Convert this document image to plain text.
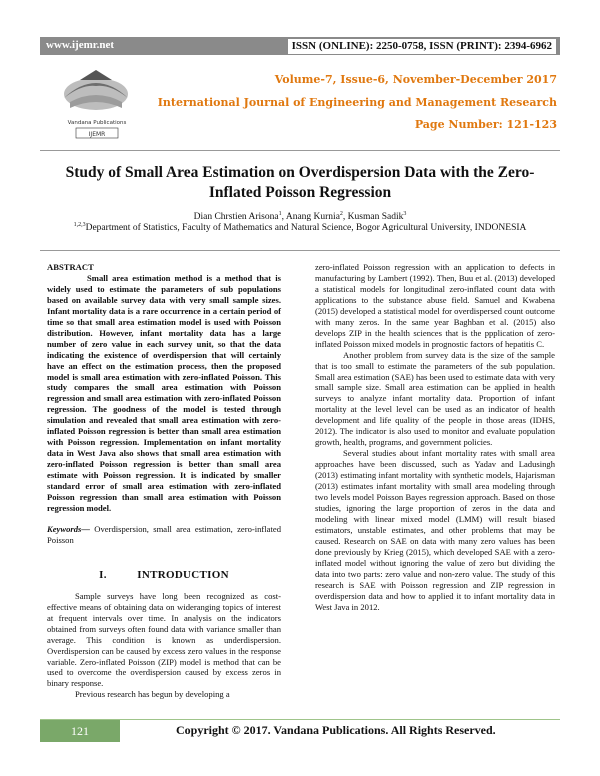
www.ijemr.net	ISSN (ONLINE): 2250-0758, ISSN (PRINT): 2394-6962
Vandana Publications
IJEMR
Volume-7, Issue-6, November-December 2017
International Journal of Engineering and Management Research
Page Number: 121-123
Study of Small Area Estimation on Overdispersion Data with the Zero-Inflated Poisson Regression
Dian Chrstien Arisona$^1$, Anang Kurnia$^2$, Kusman Sadik$^3$
$^{1,2,3}$Department of Statistics, Faculty of Mathematics and Natural Science, Bogor Agricultural University, INDONESIA

ABSTRACT

Small area estimation method is a method that is widely used to estimate the parameters of sub populations based on available survey data with very small sample sizes. Infant mortality data is a rare occurrence in a certain period of time so that small area estimation model is used with Poisson distribution. However, infant mortality data has a large number of zero value in each survey unit, so that the data indicating the existence of overdispersion that will certainly have an effect on the estimation process, then the proposed model is small area estimation with zero-inflated Poisson. This study compares the small area estimation with Poisson regression and small area estimation with zero-inflated Poisson regression. The goodness of the model is tested through simulation and revealed that small area estimation with zero-inflated Poisson regression is better than small area estimation with Poisson regression. Implementation on infant mortality data in West Java also shows that small area estimation with zero-inflated Poisson regression is better than small area estimate with Poisson regression. It is indicated by smaller standard error of small area estimation with zero-inflated Poisson regression than small area estimation with Poisson regression model.

Keywords— Overdispersion, small area estimation, zero-inflated Poisson

I.          INTRODUCTION

Sample surveys have long been recognized as cost-effective means of obtaining data on wideranging topics of interest at frequent intervals over time. In analysis on the indicators obtained from surveys often found data with variance smaller than average. This condition is known as underdispersion. Overdispersion can be caused by excess zero values in the response variable. Zero-inflated Poisson (ZIP) model is method that can be used to overcome the overdispersion caused by excess zeros in binary response.

Previous research has begun by developing a

zero-inflated Poisson regression with an application to defects in manufacturing by Lambert (1992). Then, Buu et al. (2013) developed a statistical models for longitudinal zero-inflated count data with applications to the substance abuse field. Samuel and Kwabena (2015) developed a statistical model for overdispersed count outcome with many zeros. In the same year Baghban et al. (2015) also develops ZIP in the health sciences that is the ppplication of zero-inflated Poisson mixed models in prognostic factors of hepatitis C.

Another problem from survey data is the size of the sample that is too small to estimate the parameters of the sub population. Small area estimation (SAE) has been used to estimate data with very small sample size. Small area estimation can be applied in health surveys to analyze infant mortality data. Proportion of infant mortality at the level level can be used as an indicator of health development and life quality of the people in those areas (IDHS, 2012). The indicator is also used to monitor and evaluate population growth, health, programs, and government policies.

Several studies about infant mortality rates with small area approaches have been discussed, such as Yadav and Ladusingh (2013) estimating infant mortality with synthetic models, Hajarisman (2013) estimates infant mortality with small area modeling through two levels model Poisson Bayes regression approach. Based on those studies, ignoring the large proportion of zeros in the data and modeling with linear mixed model (LMM) will result biased estimators, unstable estimates, and other problems that may be caused. Research on SAE on data with many zero values has been done previously by Krieg (2015), which developed SAE with a zero-inflated model without ignoring the value of zero but dividing the data into two parts: zero value and non-zero value. The study of this research is SAE with Poisson regression and ZIP regression in overdispersion data and how to applied it to infant mortality data in West Java in 2012.

121	Copyright © 2017. Vandana Publications. All Rights Reserved.
